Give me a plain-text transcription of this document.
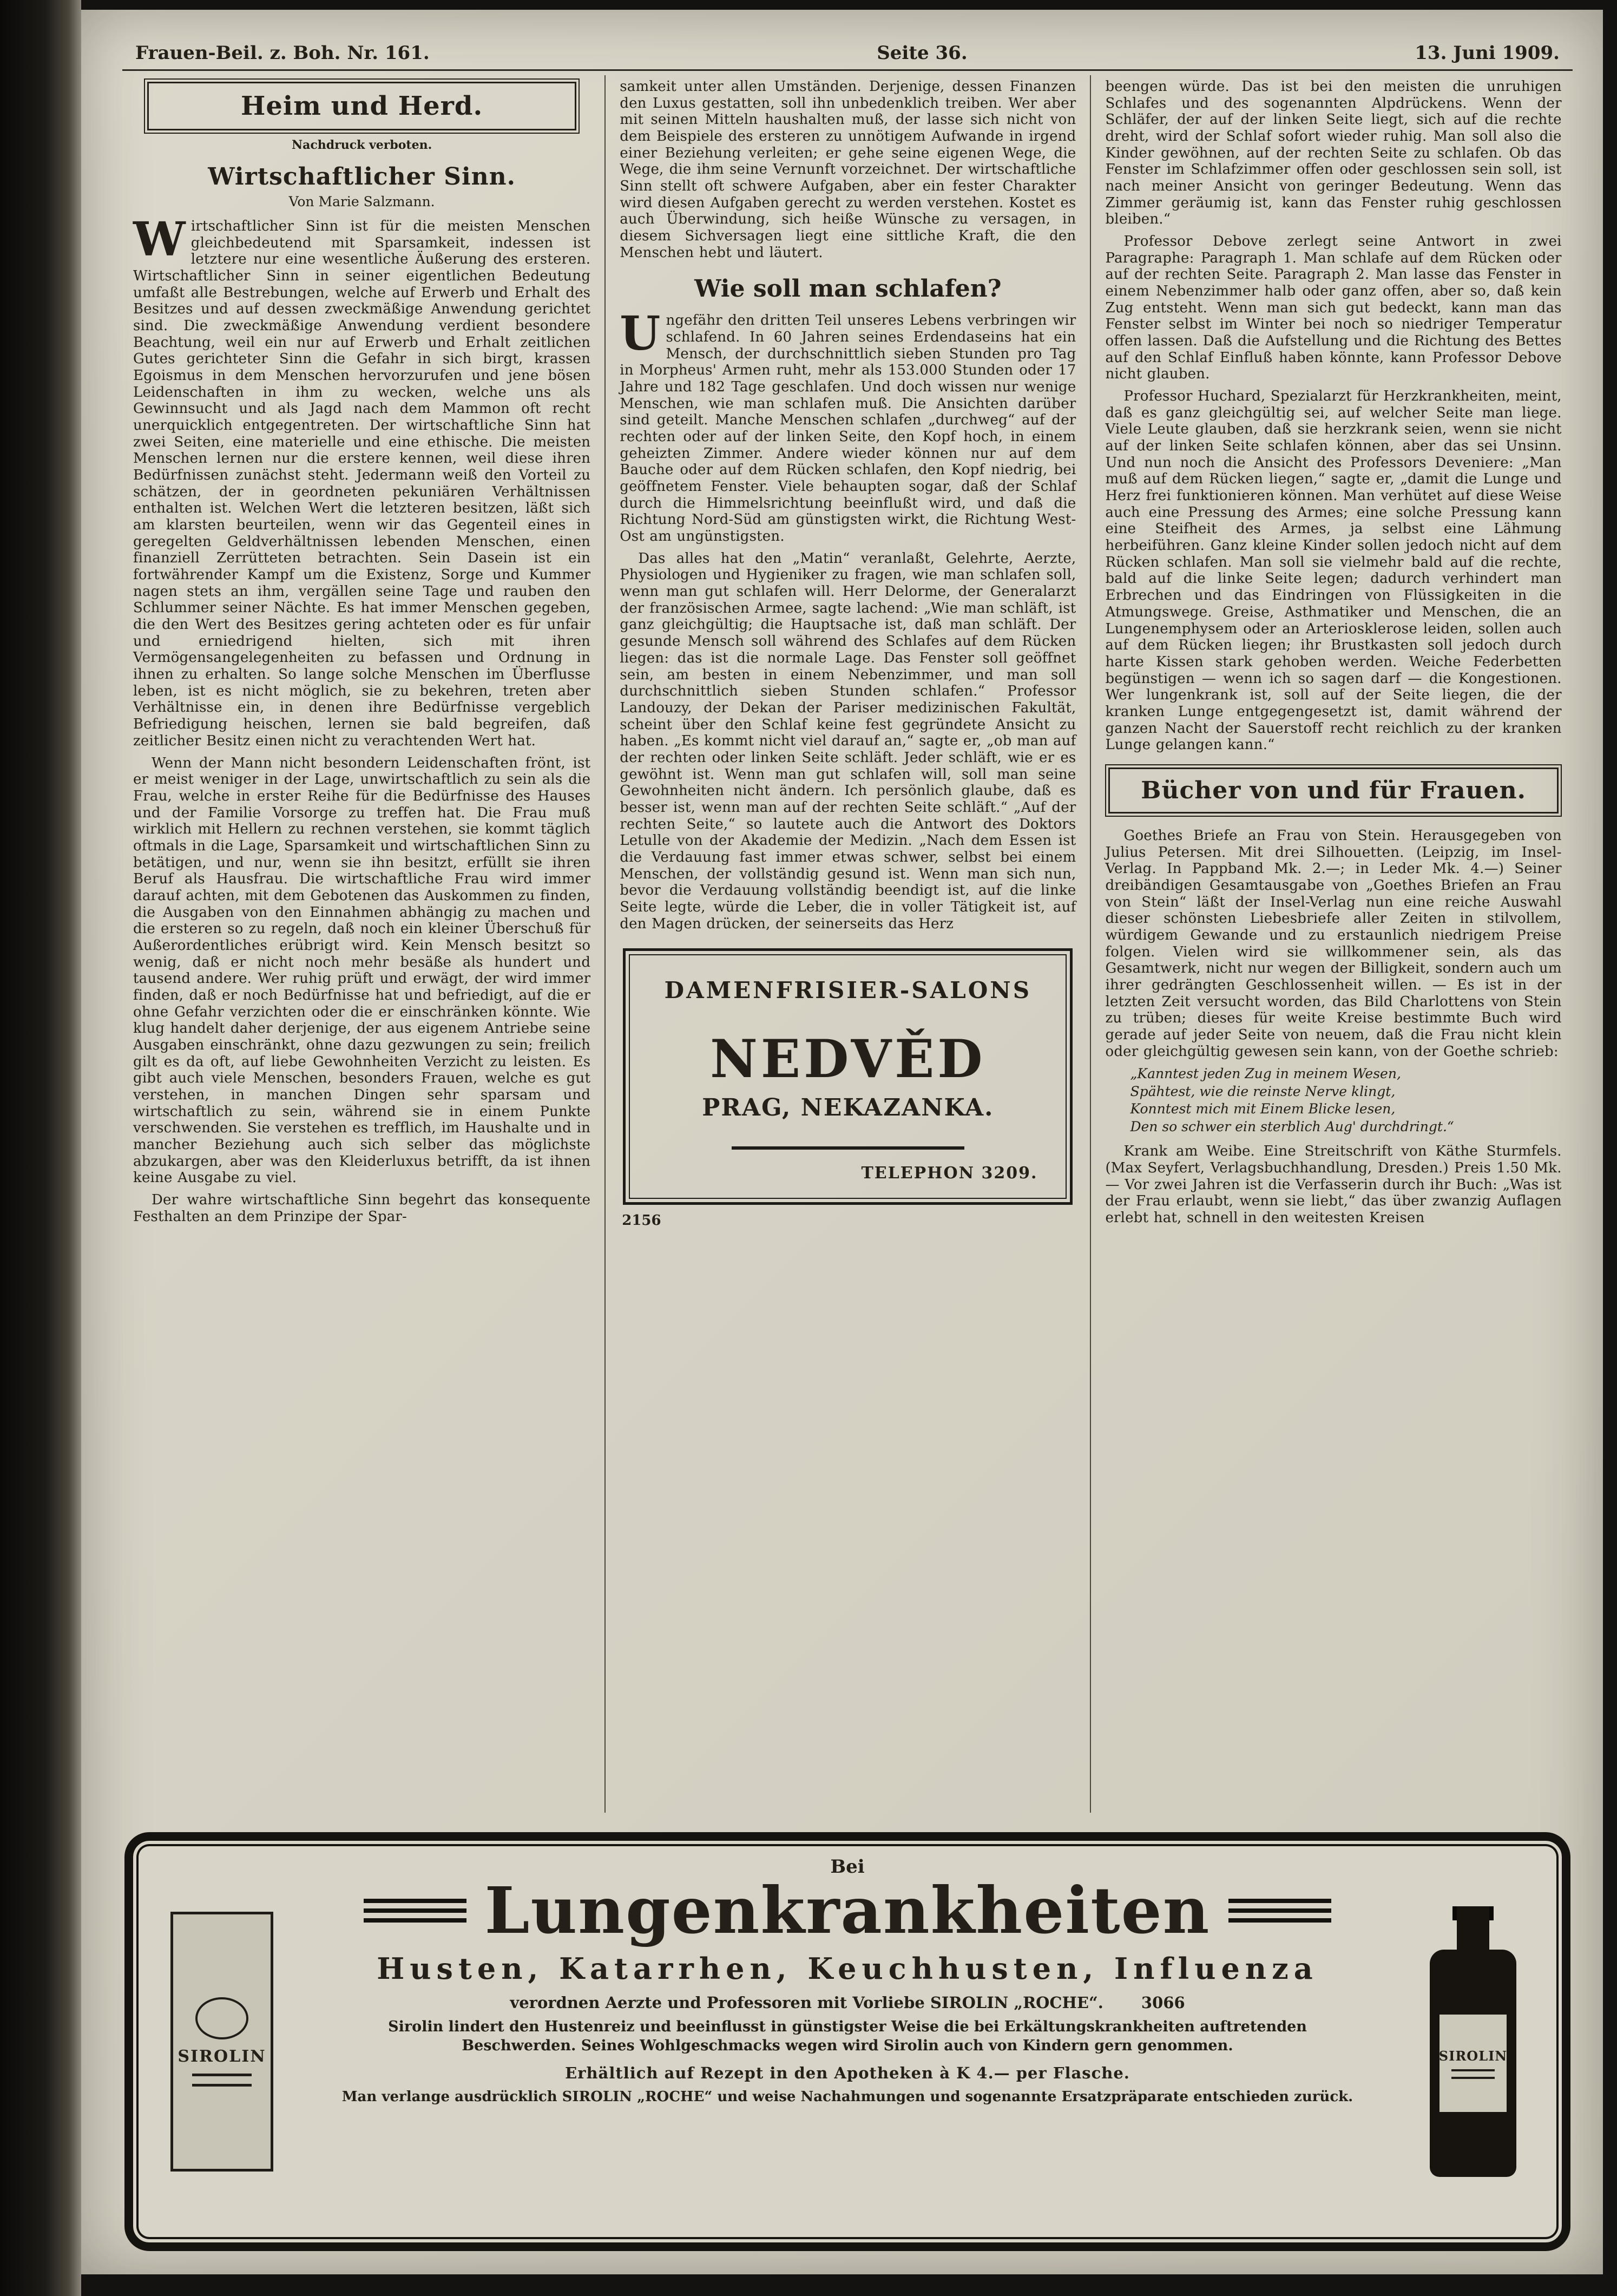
Frauen-Beil. z. Boh. Nr. 161.	Seite 36.	13. Juni 1909.
Heim und Herd.
Nachdruck verboten.
Wirtschaftlicher Sinn.
Von Marie Salzmann.

Wirtschaftlicher Sinn ist für die meisten Menschen gleichbedeutend mit Sparsamkeit, indessen ist letztere nur eine wesentliche Äußerung des ersteren. Wirtschaftlicher Sinn in seiner eigentlichen Bedeutung umfaßt alle Bestrebungen, welche auf Erwerb und Erhalt des Besitzes und auf dessen zweckmäßige Anwendung gerichtet sind. Die zweckmäßige Anwendung verdient besondere Beachtung, weil ein nur auf Erwerb und Erhalt zeitlichen Gutes gerichteter Sinn die Gefahr in sich birgt, krassen Egoismus in dem Menschen hervorzurufen und jene bösen Leidenschaften in ihm zu wecken, welche uns als Gewinnsucht und als Jagd nach dem Mammon oft recht unerquicklich entgegentreten. Der wirtschaftliche Sinn hat zwei Seiten, eine materielle und eine ethische. Die meisten Menschen lernen nur die erstere kennen, weil diese ihren Bedürfnissen zunächst steht. Jedermann weiß den Vorteil zu schätzen, der in geordneten pekuniären Verhältnissen enthalten ist. Welchen Wert die letzteren besitzen, läßt sich am klarsten beurteilen, wenn wir das Gegenteil eines in geregelten Geldverhältnissen lebenden Menschen, einen finanziell Zerrütteten betrachten. Sein Dasein ist ein fortwährender Kampf um die Existenz, Sorge und Kummer nagen stets an ihm, vergällen seine Tage und rauben den Schlummer seiner Nächte. Es hat immer Menschen gegeben, die den Wert des Besitzes gering achteten oder es für unfair und erniedrigend hielten, sich mit ihren Vermögensangelegenheiten zu befassen und Ordnung in ihnen zu erhalten. So lange solche Menschen im Überflusse leben, ist es nicht möglich, sie zu bekehren, treten aber Verhältnisse ein, in denen ihre Bedürfnisse vergeblich Befriedigung heischen, lernen sie bald begreifen, daß zeitlicher Besitz einen nicht zu verachtenden Wert hat.

Wenn der Mann nicht besondern Leidenschaften frönt, ist er meist weniger in der Lage, unwirtschaftlich zu sein als die Frau, welche in erster Reihe für die Bedürfnisse des Hauses und der Familie Vorsorge zu treffen hat. Die Frau muß wirklich mit Hellern zu rechnen verstehen, sie kommt täglich oftmals in die Lage, Sparsamkeit und wirtschaftlichen Sinn zu betätigen, und nur, wenn sie ihn besitzt, erfüllt sie ihren Beruf als Hausfrau. Die wirtschaftliche Frau wird immer darauf achten, mit dem Gebotenen das Auskommen zu finden, die Ausgaben von den Einnahmen abhängig zu machen und die ersteren so zu regeln, daß noch ein kleiner Überschuß für Außerordentliches erübrigt wird. Kein Mensch besitzt so wenig, daß er nicht noch mehr besäße als hundert und tausend andere. Wer ruhig prüft und erwägt, der wird immer finden, daß er noch Bedürfnisse hat und befriedigt, auf die er ohne Gefahr verzichten oder die er einschränken könnte. Wie klug handelt daher derjenige, der aus eigenem Antriebe seine Ausgaben einschränkt, ohne dazu gezwungen zu sein; freilich gilt es da oft, auf liebe Gewohnheiten Verzicht zu leisten. Es gibt auch viele Menschen, besonders Frauen, welche es gut verstehen, in manchen Dingen sehr sparsam und wirtschaftlich zu sein, während sie in einem Punkte verschwenden. Sie verstehen es trefflich, im Haushalte und in mancher Beziehung auch sich selber das möglichste abzukargen, aber was den Kleiderluxus betrifft, da ist ihnen keine Ausgabe zu viel.

Der wahre wirtschaftliche Sinn begehrt das konsequente Festhalten an dem Prinzipe der Spar-

samkeit unter allen Umständen. Derjenige, dessen Finanzen den Luxus gestatten, soll ihn unbedenklich treiben. Wer aber mit seinen Mitteln haushalten muß, der lasse sich nicht von dem Beispiele des ersteren zu unnötigem Aufwande in irgend einer Beziehung verleiten; er gehe seine eigenen Wege, die Wege, die ihm seine Vernunft vorzeichnet. Der wirtschaftliche Sinn stellt oft schwere Aufgaben, aber ein fester Charakter wird diesen Aufgaben gerecht zu werden verstehen. Kostet es auch Überwindung, sich heiße Wünsche zu versagen, in diesem Sichversagen liegt eine sittliche Kraft, die den Menschen hebt und läutert.

Wie soll man schlafen?

Ungefähr den dritten Teil unseres Lebens verbringen wir schlafend. In 60 Jahren seines Erdendaseins hat ein Mensch, der durchschnittlich sieben Stunden pro Tag in Morpheus' Armen ruht, mehr als 153.000 Stunden oder 17 Jahre und 182 Tage geschlafen. Und doch wissen nur wenige Menschen, wie man schlafen muß. Die Ansichten darüber sind geteilt. Manche Menschen schlafen „durchweg“ auf der rechten oder auf der linken Seite, den Kopf hoch, in einem geheizten Zimmer. Andere wieder können nur auf dem Bauche oder auf dem Rücken schlafen, den Kopf niedrig, bei geöffnetem Fenster. Viele behaupten sogar, daß der Schlaf durch die Himmelsrichtung beeinflußt wird, und daß die Richtung Nord-Süd am günstigsten wirkt, die Richtung West-Ost am ungünstigsten.

Das alles hat den „Matin“ veranlaßt, Gelehrte, Aerzte, Physiologen und Hygieniker zu fragen, wie man schlafen soll, wenn man gut schlafen will. Herr Delorme, der Generalarzt der französischen Armee, sagte lachend: „Wie man schläft, ist ganz gleichgültig; die Hauptsache ist, daß man schläft. Der gesunde Mensch soll während des Schlafes auf dem Rücken liegen: das ist die normale Lage. Das Fenster soll geöffnet sein, am besten in einem Nebenzimmer, und man soll durchschnittlich sieben Stunden schlafen.“ Professor Landouzy, der Dekan der Pariser medizinischen Fakultät, scheint über den Schlaf keine fest gegründete Ansicht zu haben. „Es kommt nicht viel darauf an,“ sagte er, „ob man auf der rechten oder linken Seite schläft. Jeder schläft, wie er es gewöhnt ist. Wenn man gut schlafen will, soll man seine Gewohnheiten nicht ändern. Ich persönlich glaube, daß es besser ist, wenn man auf der rechten Seite schläft.“ „Auf der rechten Seite,“ so lautete auch die Antwort des Doktors Letulle von der Akademie der Medizin. „Nach dem Essen ist die Verdauung fast immer etwas schwer, selbst bei einem Menschen, der vollständig gesund ist. Wenn man sich nun, bevor die Verdauung vollständig beendigt ist, auf die linke Seite legte, würde die Leber, die in voller Tätigkeit ist, auf den Magen drücken, der seinerseits das Herz

DAMENFRISIER-SALONS
NEDVĚD
PRAG, NEKAZANKA.
TELEPHON 3209.
2156

beengen würde. Das ist bei den meisten die unruhigen Schlafes und des sogenannten Alpdrückens. Wenn der Schläfer, der auf der linken Seite liegt, sich auf die rechte dreht, wird der Schlaf sofort wieder ruhig. Man soll also die Kinder gewöhnen, auf der rechten Seite zu schlafen. Ob das Fenster im Schlafzimmer offen oder geschlossen sein soll, ist nach meiner Ansicht von geringer Bedeutung. Wenn das Zimmer geräumig ist, kann das Fenster ruhig geschlossen bleiben.“

Professor Debove zerlegt seine Antwort in zwei Paragraphe: Paragraph 1. Man schlafe auf dem Rücken oder auf der rechten Seite. Paragraph 2. Man lasse das Fenster in einem Nebenzimmer halb oder ganz offen, aber so, daß kein Zug entsteht. Wenn man sich gut bedeckt, kann man das Fenster selbst im Winter bei noch so niedriger Temperatur offen lassen. Daß die Aufstellung und die Richtung des Bettes auf den Schlaf Einfluß haben könnte, kann Professor Debove nicht glauben.

Professor Huchard, Spezialarzt für Herzkrankheiten, meint, daß es ganz gleichgültig sei, auf welcher Seite man liege. Viele Leute glauben, daß sie herzkrank seien, wenn sie nicht auf der linken Seite schlafen können, aber das sei Unsinn. Und nun noch die Ansicht des Professors Deveniere: „Man muß auf dem Rücken liegen,“ sagte er, „damit die Lunge und Herz frei funktionieren können. Man verhütet auf diese Weise auch eine Pressung des Armes; eine solche Pressung kann eine Steifheit des Armes, ja selbst eine Lähmung herbeiführen. Ganz kleine Kinder sollen jedoch nicht auf dem Rücken schlafen. Man soll sie vielmehr bald auf die rechte, bald auf die linke Seite legen; dadurch verhindert man Erbrechen und das Eindringen von Flüssigkeiten in die Atmungswege. Greise, Asthmatiker und Menschen, die an Lungenemphysem oder an Arteriosklerose leiden, sollen auch auf dem Rücken liegen; ihr Brustkasten soll jedoch durch harte Kissen stark gehoben werden. Weiche Federbetten begünstigen — wenn ich so sagen darf — die Kongestionen. Wer lungenkrank ist, soll auf der Seite liegen, die der kranken Lunge entgegengesetzt ist, damit während der ganzen Nacht der Sauerstoff recht reichlich zu der kranken Lunge gelangen kann.“

Bücher von und für Frauen.

Goethes Briefe an Frau von Stein. Herausgegeben von Julius Petersen. Mit drei Silhouetten. (Leipzig, im Insel-Verlag. In Pappband Mk. 2.—; in Leder Mk. 4.—) Seiner dreibändigen Gesamtausgabe von „Goethes Briefen an Frau von Stein“ läßt der Insel-Verlag nun eine reiche Auswahl dieser schönsten Liebesbriefe aller Zeiten in stilvollem, würdigem Gewande und zu erstaunlich niedrigem Preise folgen. Vielen wird sie willkommener sein, als das Gesamtwerk, nicht nur wegen der Billigkeit, sondern auch um ihrer gedrängten Geschlossenheit willen. — Es ist in der letzten Zeit versucht worden, das Bild Charlottens von Stein zu trüben; dieses für weite Kreise bestimmte Buch wird gerade auf jeder Seite von neuem, daß die Frau nicht klein oder gleichgültig gewesen sein kann, von der Goethe schrieb:

„Kanntest jeden Zug in meinem Wesen,
Spähtest, wie die reinste Nerve klingt,
Konntest mich mit Einem Blicke lesen,
Den so schwer ein sterblich Aug' durchdringt.“

Krank am Weibe. Eine Streitschrift von Käthe Sturmfels. (Max Seyfert, Verlagsbuchhandlung, Dresden.) Preis 1.50 Mk. — Vor zwei Jahren ist die Verfasserin durch ihr Buch: „Was ist der Frau erlaubt, wenn sie liebt,“ das über zwanzig Auflagen erlebt hat, schnell in den weitesten Kreisen

SIROLIN
Bei
Lungenkrankheiten
Husten, Katarrhen, Keuchhusten, Influenza
verordnen Aerzte und Professoren mit Vorliebe SIROLIN „ROCHE“. 3066
Sirolin lindert den Hustenreiz und beeinflusst in günstigster Weise die bei Erkältungskrankheiten auftretenden Beschwerden. Seines Wohlgeschmacks wegen wird Sirolin auch von Kindern gern genommen.
Erhältlich auf Rezept in den Apotheken à K 4.— per Flasche.
Man verlange ausdrücklich SIROLIN „ROCHE“ und weise Nachahmungen und sogenannte Ersatzpräparate entschieden zurück.
SIROLIN
